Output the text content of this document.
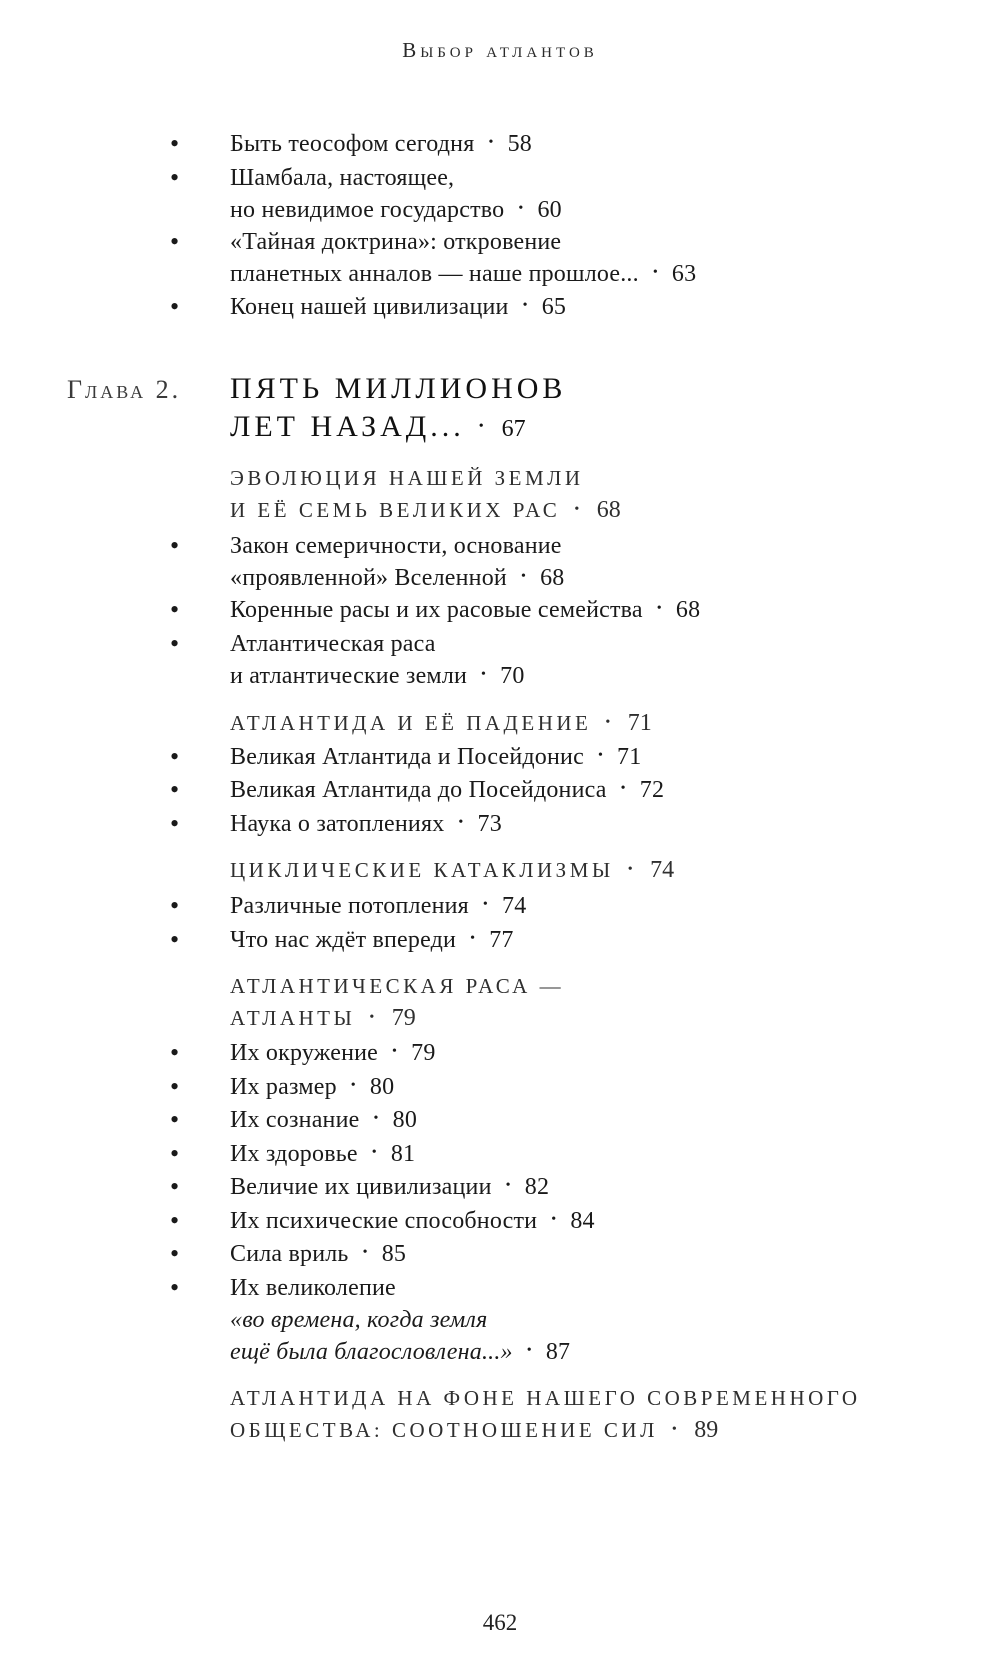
Выбор атлантов
• Быть теософом сегодня • 58
• Шамбала, настоящее,
но невидимое государство • 60
• «Тайная доктрина»: откровение
планетных анналов — наше прошлое... • 63
• Конец нашей цивилизации • 65
Глава 2. ПЯТЬ МИЛЛИОНОВ
ЛЕТ НАЗАД... • 67
ЭВОЛЮЦИЯ НАШЕЙ ЗЕМЛИ
И ЕЁ СЕМЬ ВЕЛИКИХ РАС • 68
• Закон семеричности, основание
«проявленной» Вселенной • 68
• Коренные расы и их расовые семейства • 68
• Атлантическая раса
и атлантические земли • 70
АТЛАНТИДА И ЕЁ ПАДЕНИЕ • 71
• Великая Атлантида и Посейдонис • 71
• Великая Атлантида до Посейдониса • 72
• Наука о затоплениях • 73
ЦИКЛИЧЕСКИЕ КАТАКЛИЗМЫ • 74
• Различные потопления • 74
• Что нас ждёт впереди • 77
АТЛАНТИЧЕСКАЯ РАСА —
АТЛАНТЫ • 79
• Их окружение • 79
• Их размер • 80
• Их сознание • 80
• Их здоровье • 81
• Величие их цивилизации • 82
• Их психические способности • 84
• Сила вриль • 85
• Их великолепие
«во времена, когда земля
ещё была благословлена...» • 87
АТЛАНТИДА НА ФОНЕ НАШЕГО СОВРЕМЕННОГО
ОБЩЕСТВА: СООТНОШЕНИЕ СИЛ • 89
462
